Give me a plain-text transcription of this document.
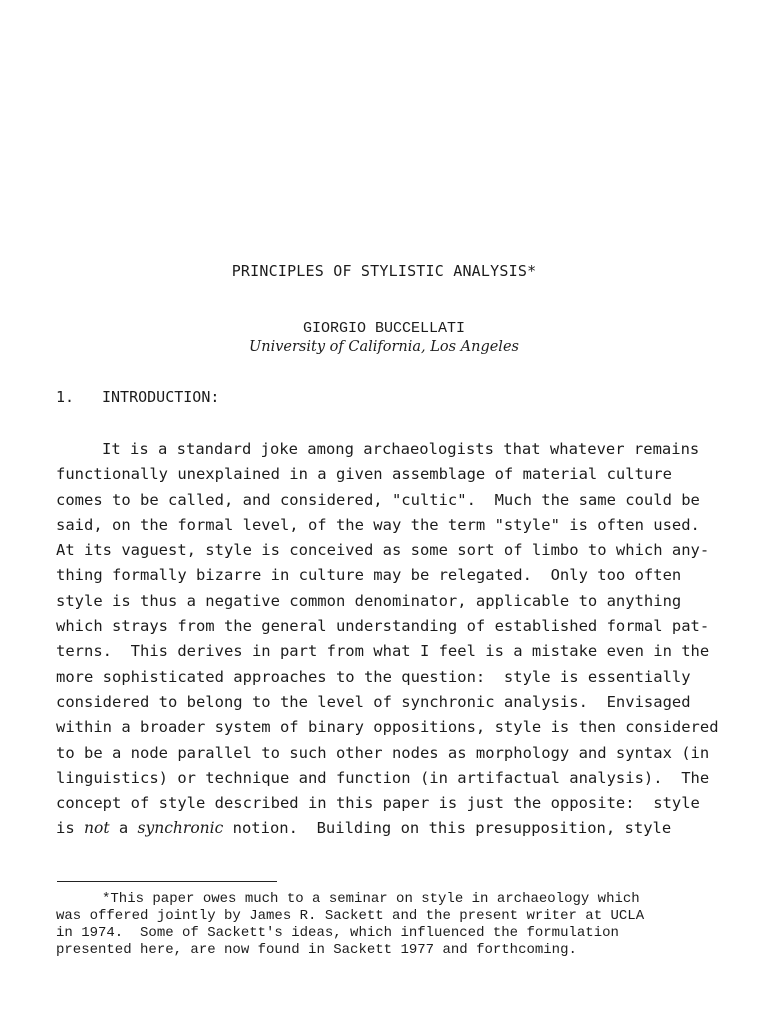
PRINCIPLES OF STYLISTIC ANALYSIS*
GIORGIO BUCCELLATI
University of California, Los Angeles
1. INTRODUCTION:
It is a standard joke among archaeologists that whatever remains
functionally unexplained in a given assemblage of material culture
comes to be called, and considered, "cultic".  Much the same could be
said, on the formal level, of the way the term "style" is often used.
At its vaguest, style is conceived as some sort of limbo to which any-
thing formally bizarre in culture may be relegated.  Only too often
style is thus a negative common denominator, applicable to anything
which strays from the general understanding of established formal pat-
terns.  This derives in part from what I feel is a mistake even in the
more sophisticated approaches to the question:  style is essentially
considered to belong to the level of synchronic analysis.  Envisaged
within a broader system of binary oppositions, style is then considered
to be a node parallel to such other nodes as morphology and syntax (in
linguistics) or technique and function (in artifactual analysis).  The
concept of style described in this paper is just the opposite:  style
is not a synchronic notion.  Building on this presupposition, style
*This paper owes much to a seminar on style in archaeology which
was offered jointly by James R. Sackett and the present writer at UCLA
in 1974.  Some of Sackett's ideas, which influenced the formulation
presented here, are now found in Sackett 1977 and forthcoming.
